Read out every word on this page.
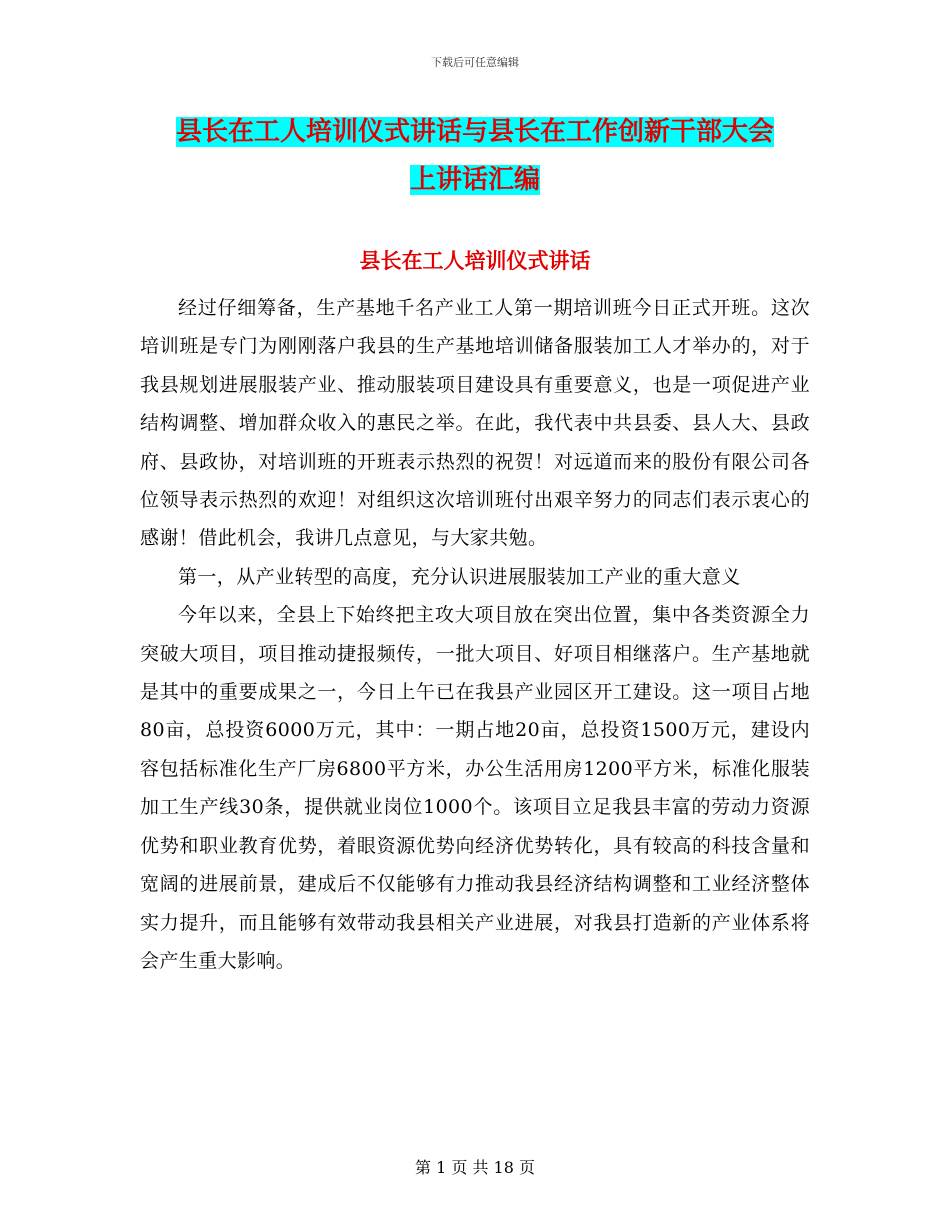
下载后可任意编辑
县长在工人培训仪式讲话与县长在工作创新干部大会
上讲话汇编
县长在工人培训仪式讲话

经过仔细筹备，生产基地千名产业工人第一期培训班今日正式开班。这次培训班是专门为刚刚落户我县的生产基地培训储备服装加工人才举办的，对于我县规划进展服装产业、推动服装项目建设具有重要意义，也是一项促进产业结构调整、增加群众收入的惠民之举。在此，我代表中共县委、县人大、县政府、县政协，对培训班的开班表示热烈的祝贺！对远道而来的股份有限公司各位领导表示热烈的欢迎！对组织这次培训班付出艰辛努力的同志们表示衷心的感谢！借此机会，我讲几点意见，与大家共勉。

第一，从产业转型的高度，充分认识进展服装加工产业的重大意义

今年以来，全县上下始终把主攻大项目放在突出位置，集中各类资源全力突破大项目，项目推动捷报频传，一批大项目、好项目相继落户。生产基地就是其中的重要成果之一，今日上午已在我县产业园区开工建设。这一项目占地80亩，总投资6000万元，其中：一期占地20亩，总投资1500万元，建设内容包括标准化生产厂房6800平方米，办公生活用房1200平方米，标准化服装加工生产线30条，提供就业岗位1000个。该项目立足我县丰富的劳动力资源优势和职业教育优势，着眼资源优势向经济优势转化，具有较高的科技含量和宽阔的进展前景，建成后不仅能够有力推动我县经济结构调整和工业经济整体实力提升，而且能够有效带动我县相关产业进展，对我县打造新的产业体系将会产生重大影响。

第 1 页 共 18 页
